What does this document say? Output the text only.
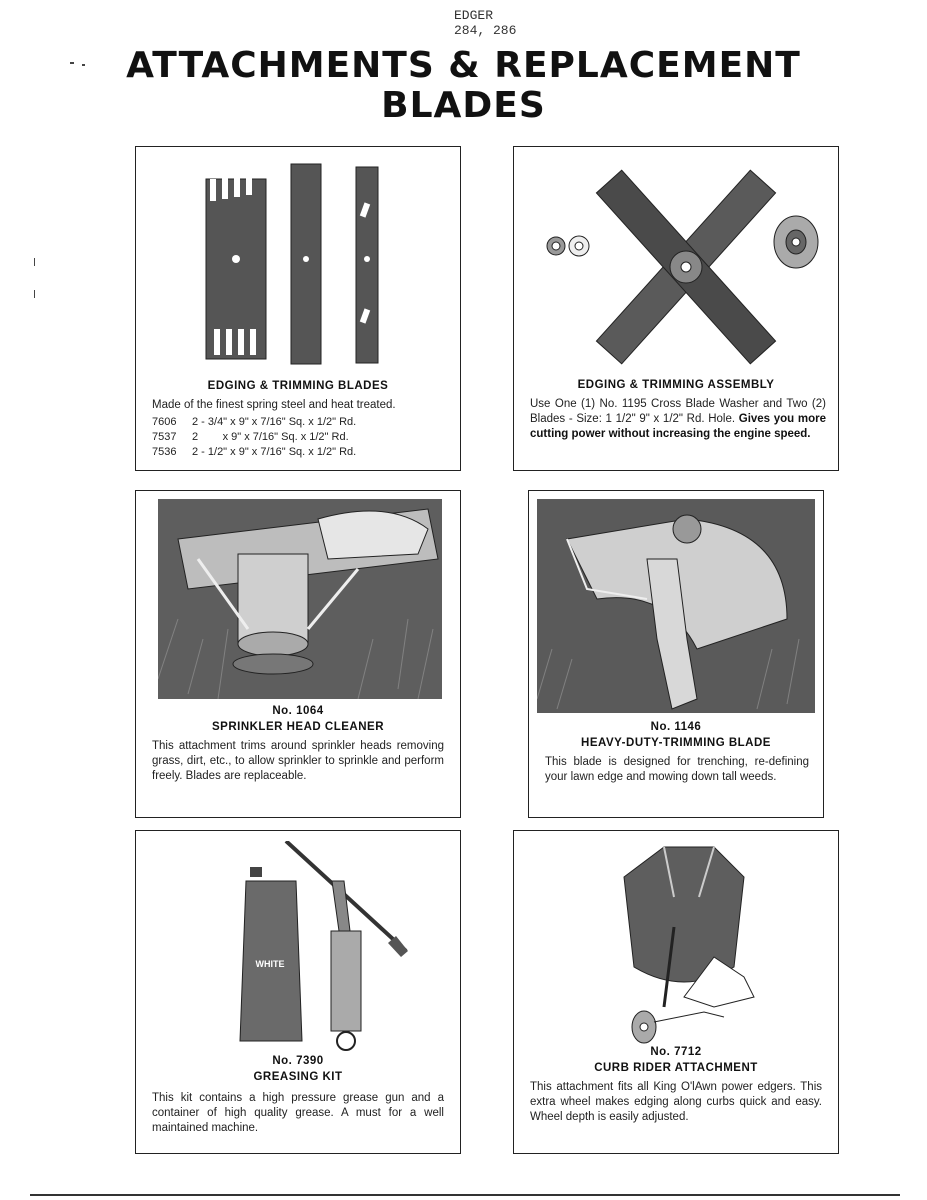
EDGER
284, 286
ATTACHMENTS & REPLACEMENT
BLADES
EDGING & TRIMMING BLADES
Made of the finest spring steel and heat treated.
7606	2 - 3/4" x 9" x 7/16" Sq. x 1/2" Rd.
7537	2        x 9" x 7/16" Sq. x 1/2" Rd.
7536	2 - 1/2" x 9" x 7/16" Sq. x 1/2" Rd.
EDGING & TRIMMING ASSEMBLY
Use One (1) No. 1195 Cross Blade Washer and Two (2) Blades - Size: 1 1/2" 9" x 1/2" Rd. Hole. Gives you more cutting power without increasing the engine speed.
No. 1064
SPRINKLER HEAD CLEANER
This attachment trims around sprinkler heads removing grass, dirt, etc., to allow sprinkler to sprinkle and perform freely. Blades are replaceable.
No. 1146
HEAVY-DUTY-TRIMMING BLADE
This blade is designed for trenching, re-defining your lawn edge and mowing down tall weeds.
WHITE
No. 7390
GREASING KIT
This kit contains a high pressure grease gun and a container of high quality grease. A must for a well maintained machine.
No. 7712
CURB RIDER ATTACHMENT
This attachment fits all King O'lAwn power edgers. This extra wheel makes edging along curbs quick and easy. Wheel depth is easily adjusted.
